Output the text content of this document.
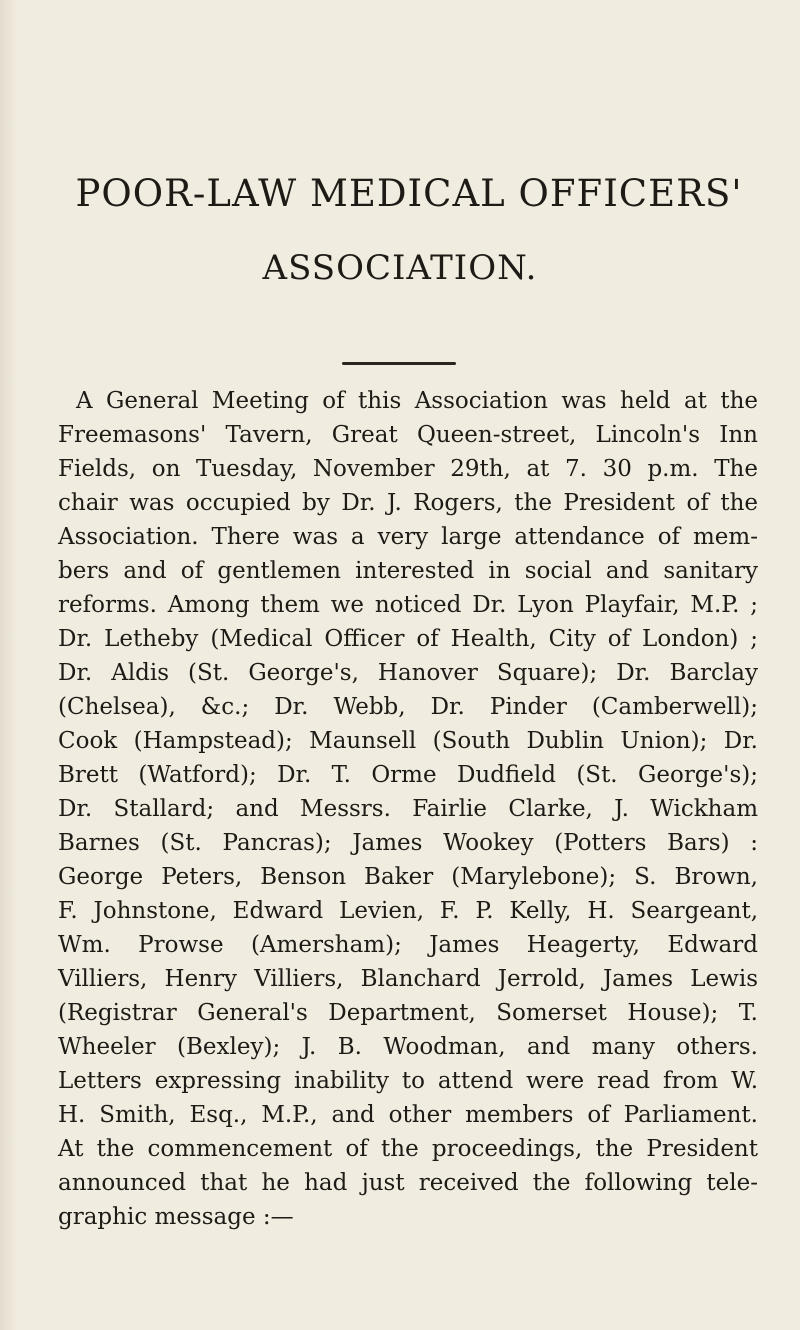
POOR-LAW MEDICAL OFFICERS'
ASSOCIATION.
A General Meeting of this Association was held at the
Freemasons' Tavern, Great Queen-street, Lincoln's Inn
Fields, on Tuesday, November 29th, at 7. 30 p.m. The
chair was occupied by Dr. J. Rogers, the President of the
Association. There was a very large attendance of mem-
bers and of gentlemen interested in social and sanitary
reforms. Among them we noticed Dr. Lyon Playfair, M.P. ;
Dr. Letheby (Medical Officer of Health, City of London) ;
Dr. Aldis (St. George's, Hanover Square); Dr. Barclay
(Chelsea), &c.; Dr. Webb, Dr. Pinder (Camberwell);
Cook (Hampstead); Maunsell (South Dublin Union); Dr.
Brett (Watford); Dr. T. Orme Dudfield (St. George's);
Dr. Stallard; and Messrs. Fairlie Clarke, J. Wickham
Barnes (St. Pancras); James Wookey (Potters Bars) :
George Peters, Benson Baker (Marylebone); S. Brown,
F. Johnstone, Edward Levien, F. P. Kelly, H. Seargeant,
Wm. Prowse (Amersham); James Heagerty, Edward
Villiers, Henry Villiers, Blanchard Jerrold, James Lewis
(Registrar General's Department, Somerset House); T.
Wheeler (Bexley); J. B. Woodman, and many others.
Letters expressing inability to attend were read from W.
H. Smith, Esq., M.P., and other members of Parliament.
At the commencement of the proceedings, the President
announced that he had just received the following tele-
graphic message :—
